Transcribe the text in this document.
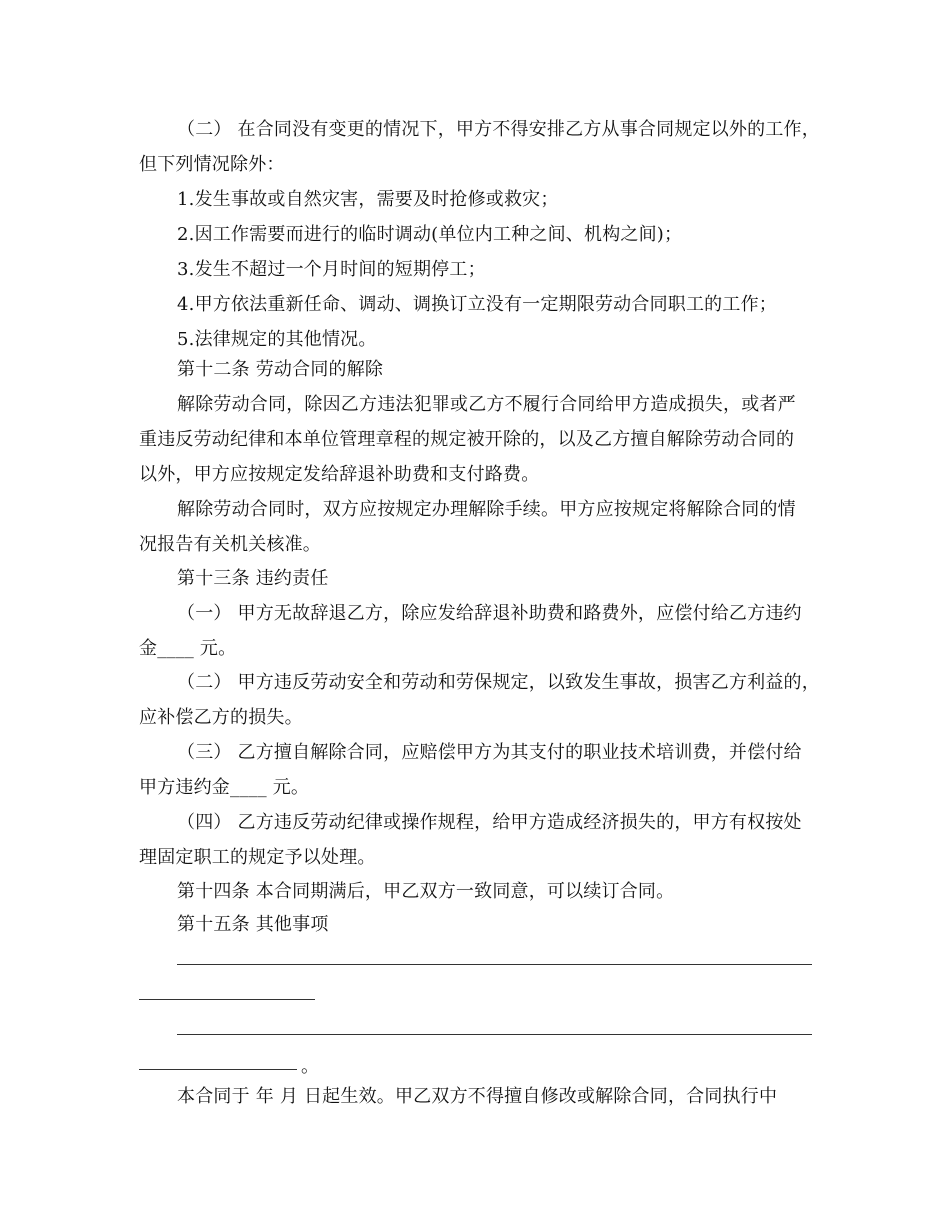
（二） 在合同没有变更的情况下，甲方不得安排乙方从事合同规定以外的工作，
但下列情况除外：
1.发生事故或自然灾害，需要及时抢修或救灾；
2.因工作需要而进行的临时调动(单位内工种之间、机构之间)；
3.发生不超过一个月时间的短期停工；
4.甲方依法重新任命、调动、调换订立没有一定期限劳动合同职工的工作；
5.法律规定的其他情况。
第十二条 劳动合同的解除
解除劳动合同，除因乙方违法犯罪或乙方不履行合同给甲方造成损失，或者严
重违反劳动纪律和本单位管理章程的规定被开除的，以及乙方擅自解除劳动合同的
以外，甲方应按规定发给辞退补助费和支付路费。
解除劳动合同时，双方应按规定办理解除手续。甲方应按规定将解除合同的情
况报告有关机关核准。
第十三条 违约责任
（一） 甲方无故辞退乙方，除应发给辞退补助费和路费外，应偿付给乙方违约
金____ 元。
（二） 甲方违反劳动安全和劳动和劳保规定，以致发生事故，损害乙方利益的，
应补偿乙方的损失。
（三） 乙方擅自解除合同，应赔偿甲方为其支付的职业技术培训费，并偿付给
甲方违约金____ 元。
（四） 乙方违反劳动纪律或操作规程，给甲方造成经济损失的，甲方有权按处
理固定职工的规定予以处理。
第十四条 本合同期满后，甲乙双方一致同意，可以续订合同。
第十五条 其他事项
。
本合同于 年 月 日起生效。甲乙双方不得擅自修改或解除合同，合同执行中
